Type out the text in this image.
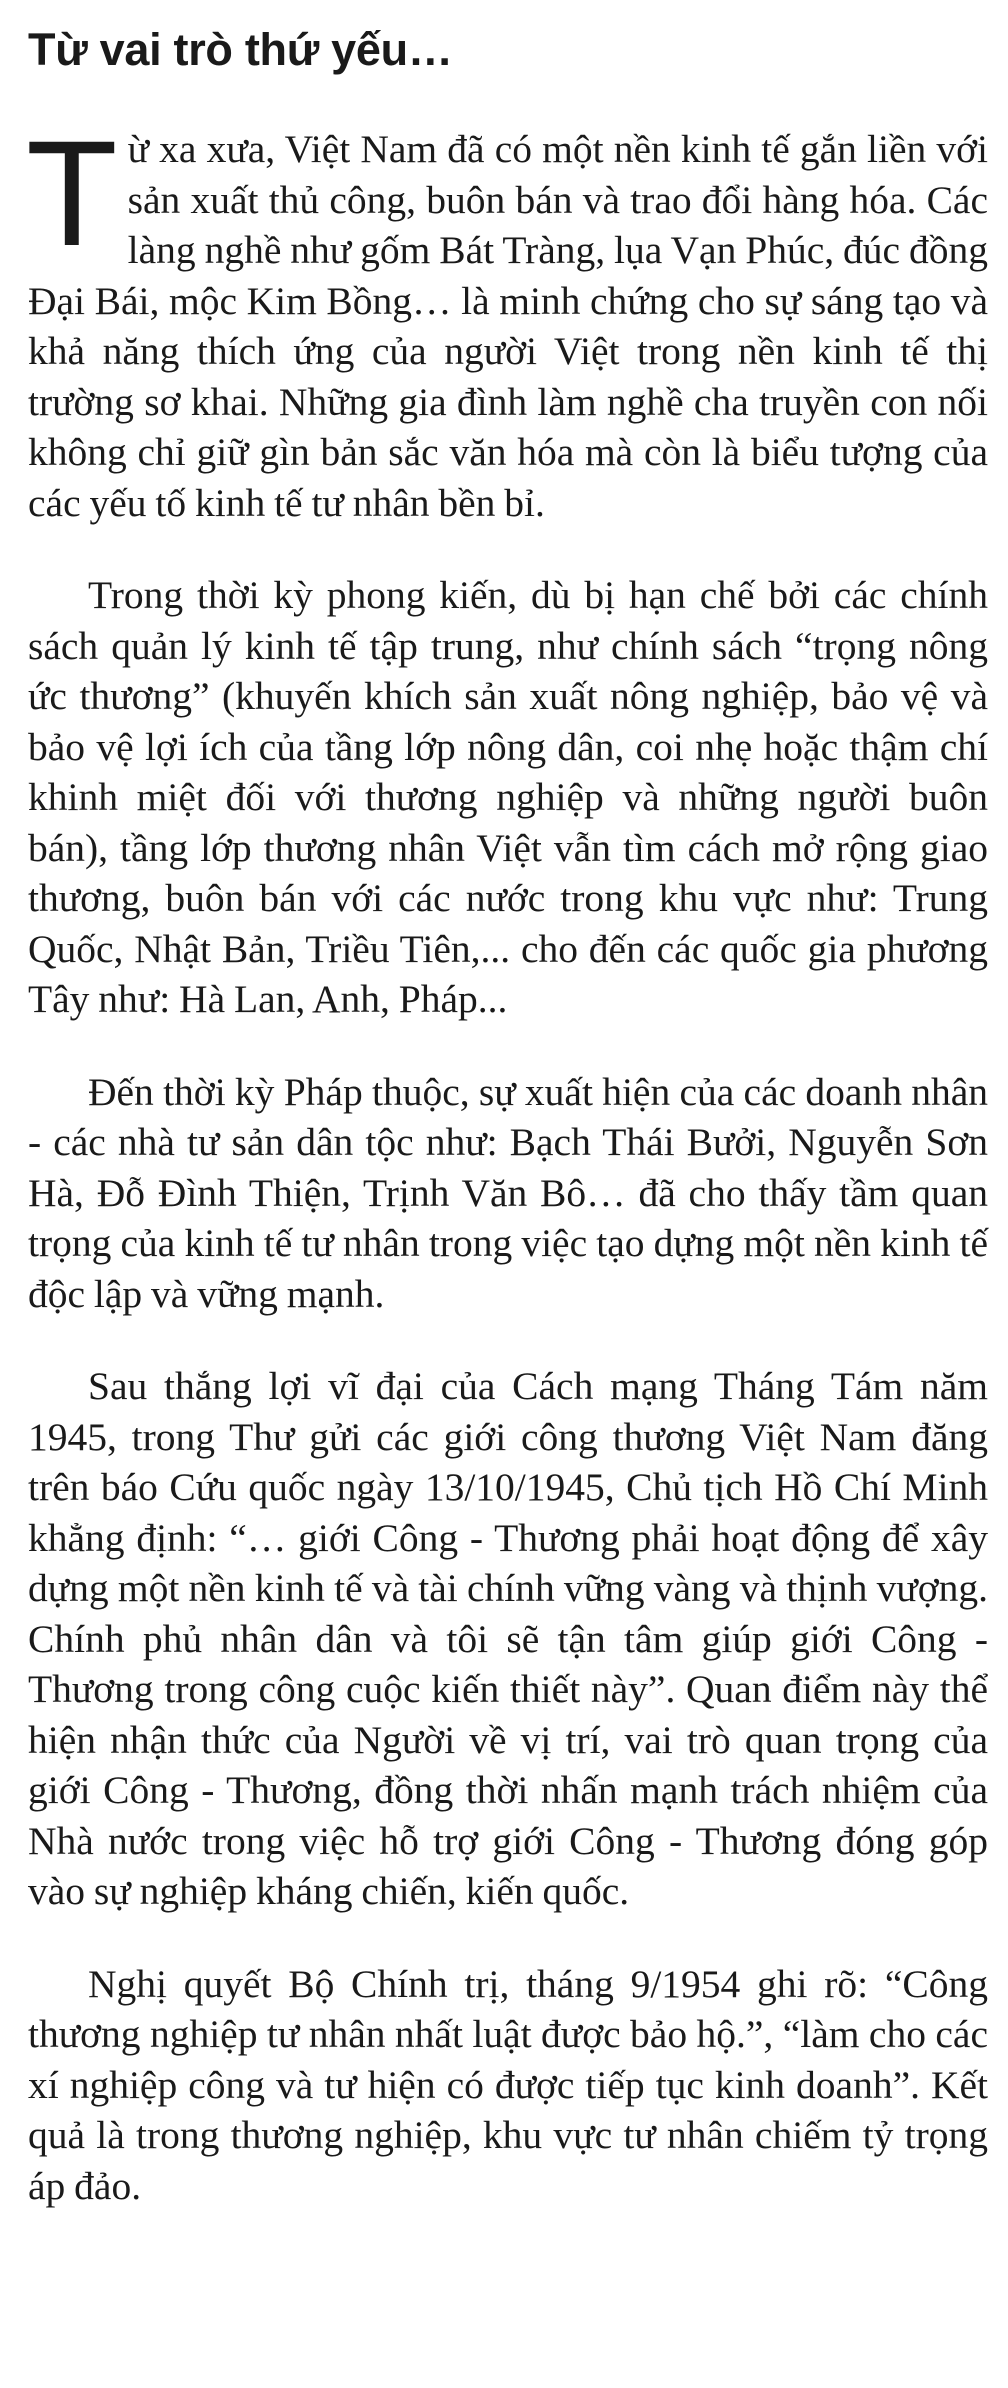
Từ vai trò thứ yếu…

Từ xa xưa, Việt Nam đã có một nền kinh tế gắn liền với sản xuất thủ công, buôn bán và trao đổi hàng hóa. Các làng nghề như gốm Bát Tràng, lụa Vạn Phúc, đúc đồng Đại Bái, mộc Kim Bồng… là minh chứng cho sự sáng tạo và khả năng thích ứng của người Việt trong nền kinh tế thị trường sơ khai. Những gia đình làm nghề cha truyền con nối không chỉ giữ gìn bản sắc văn hóa mà còn là biểu tượng của các yếu tố kinh tế tư nhân bền bỉ.

Trong thời kỳ phong kiến, dù bị hạn chế bởi các chính sách quản lý kinh tế tập trung, như chính sách “trọng nông ức thương” (khuyến khích sản xuất nông nghiệp, bảo vệ và bảo vệ lợi ích của tầng lớp nông dân, coi nhẹ hoặc thậm chí khinh miệt đối với thương nghiệp và những người buôn bán), tầng lớp thương nhân Việt vẫn tìm cách mở rộng giao thương, buôn bán với các nước trong khu vực như: Trung Quốc, Nhật Bản, Triều Tiên,... cho đến các quốc gia phương Tây như: Hà Lan, Anh, Pháp...

Đến thời kỳ Pháp thuộc, sự xuất hiện của các doanh nhân - các nhà tư sản dân tộc như: Bạch Thái Bưởi, Nguyễn Sơn Hà, Đỗ Đình Thiện, Trịnh Văn Bô… đã cho thấy tầm quan trọng của kinh tế tư nhân trong việc tạo dựng một nền kinh tế độc lập và vững mạnh.

Sau thắng lợi vĩ đại của Cách mạng Tháng Tám năm 1945, trong Thư gửi các giới công thương Việt Nam đăng trên báo Cứu quốc ngày 13/10/1945, Chủ tịch Hồ Chí Minh khẳng định: “… giới Công - Thương phải hoạt động để xây dựng một nền kinh tế và tài chính vững vàng và thịnh vượng. Chính phủ nhân dân và tôi sẽ tận tâm giúp giới Công - Thương trong công cuộc kiến thiết này”. Quan điểm này thể hiện nhận thức của Người về vị trí, vai trò quan trọng của giới Công - Thương, đồng thời nhấn mạnh trách nhiệm của Nhà nước trong việc hỗ trợ giới Công - Thương đóng góp vào sự nghiệp kháng chiến, kiến quốc.

Nghị quyết Bộ Chính trị, tháng 9/1954 ghi rõ: “Công thương nghiệp tư nhân nhất luật được bảo hộ.”, “làm cho các xí nghiệp công và tư hiện có được tiếp tục kinh doanh”. Kết quả là trong thương nghiệp, khu vực tư nhân chiếm tỷ trọng áp đảo.
